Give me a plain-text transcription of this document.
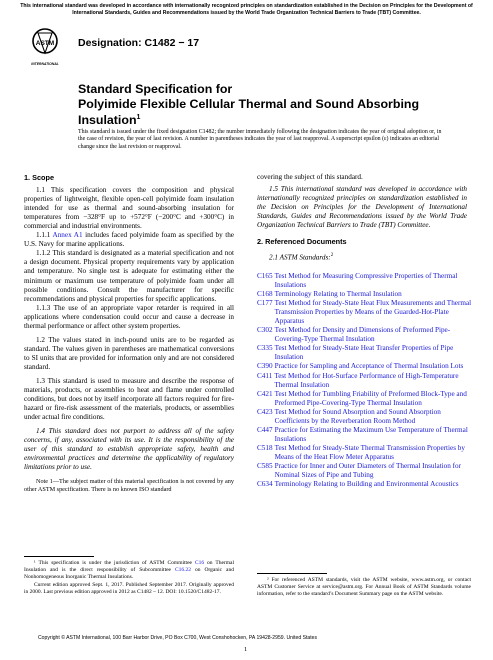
This international standard was developed in accordance with internationally recognized principles on standardization established in the Decision on Principles for the Development of International Standards, Guides and Recommendations issued by the World Trade Organization Technical Barriers to Trade (TBT) Committee.
ASTM
INTERNATIONAL
Designation: C1482 − 17
Standard Specification for
Polyimide Flexible Cellular Thermal and Sound Absorbing Insulation$^1$
This standard is issued under the fixed designation C1482; the number immediately following the designation indicates the year of original adoption or, in the case of revision, the year of last revision. A number in parentheses indicates the year of last reapproval. A superscript epsilon (ε) indicates an editorial change since the last revision or reapproval.
1. Scope

1.1 This specification covers the composition and physical properties of lightweight, flexible open-cell polyimide foam insulation intended for use as thermal and sound-absorbing insulation for temperatures from −328°F up to +572°F (−200°C and +300°C) in commercial and industrial environments.

1.1.1 Annex A1 includes faced polyimide foam as specified by the U.S. Navy for marine applications.

1.1.2 This standard is designated as a material specification and not a design document. Physical property requirements vary by application and temperature. No single test is adequate for estimating either the minimum or maximum use temperature of polyimide foam under all possible conditions. Consult the manufacturer for specific recommendations and physical properties for specific applications.

1.1.3 The use of an appropriate vapor retarder is required in all applications where condensation could occur and cause a decrease in thermal performance or affect other system properties.

1.2 The values stated in inch-pound units are to be regarded as standard. The values given in parentheses are mathematical conversions to SI units that are provided for information only and are not considered standard.

1.3 This standard is used to measure and describe the response of materials, products, or assemblies to heat and flame under controlled conditions, but does not by itself incorporate all factors required for fire-hazard or fire-risk assessment of the materials, products, or assemblies under actual fire conditions.

1.4 This standard does not purport to address all of the safety concerns, if any, associated with its use. It is the responsibility of the user of this standard to establish appropriate safety, health and environmental practices and determine the applicability of regulatory limitations prior to use.

Note 1—The subject matter of this material specification is not covered by any other ASTM specification. There is no known ISO standard
¹ This specification is under the jurisdiction of ASTM Committee C16 on Thermal Insulation and is the direct responsibility of Subcommittee C16.22 on Organic and Nonhomogeneous Inorganic Thermal Insulations.
Current edition approved Sept. 1, 2017. Published September 2017. Originally approved in 2000. Last previous edition approved in 2012 as C1482 – 12. DOI: 10.1520/C1482-17.
covering the subject of this standard.

1.5 This international standard was developed in accordance with internationally recognized principles on standardization established in the Decision on Principles for the Development of International Standards, Guides and Recommendations issued by the World Trade Organization Technical Barriers to Trade (TBT) Committee.

2. Referenced Documents

2.1 ASTM Standards:$^2$

C165 Test Method for Measuring Compressive Properties of Thermal Insulations
C168 Terminology Relating to Thermal Insulation
C177 Test Method for Steady-State Heat Flux Measurements and Thermal Transmission Properties by Means of the Guarded-Hot-Plate Apparatus
C302 Test Method for Density and Dimensions of Preformed Pipe-Covering-Type Thermal Insulation
C335 Test Method for Steady-State Heat Transfer Properties of Pipe Insulation
C390 Practice for Sampling and Acceptance of Thermal Insulation Lots
C411 Test Method for Hot-Surface Performance of High-Temperature Thermal Insulation
C421 Test Method for Tumbling Friability of Preformed Block-Type and Preformed Pipe-Covering-Type Thermal Insulation
C423 Test Method for Sound Absorption and Sound Absorption Coefficients by the Reverberation Room Method
C447 Practice for Estimating the Maximum Use Temperature of Thermal Insulations
C518 Test Method for Steady-State Thermal Transmission Properties by Means of the Heat Flow Meter Apparatus
C585 Practice for Inner and Outer Diameters of Thermal Insulation for Nominal Sizes of Pipe and Tubing
C634 Terminology Relating to Building and Environmental Acoustics
² For referenced ASTM standards, visit the ASTM website, www.astm.org, or contact ASTM Customer Service at service@astm.org. For Annual Book of ASTM Standards volume information, refer to the standard’s Document Summary page on the ASTM website.
Copyright © ASTM International, 100 Barr Harbor Drive, PO Box C700, West Conshohocken, PA 19428-2959. United States
1
